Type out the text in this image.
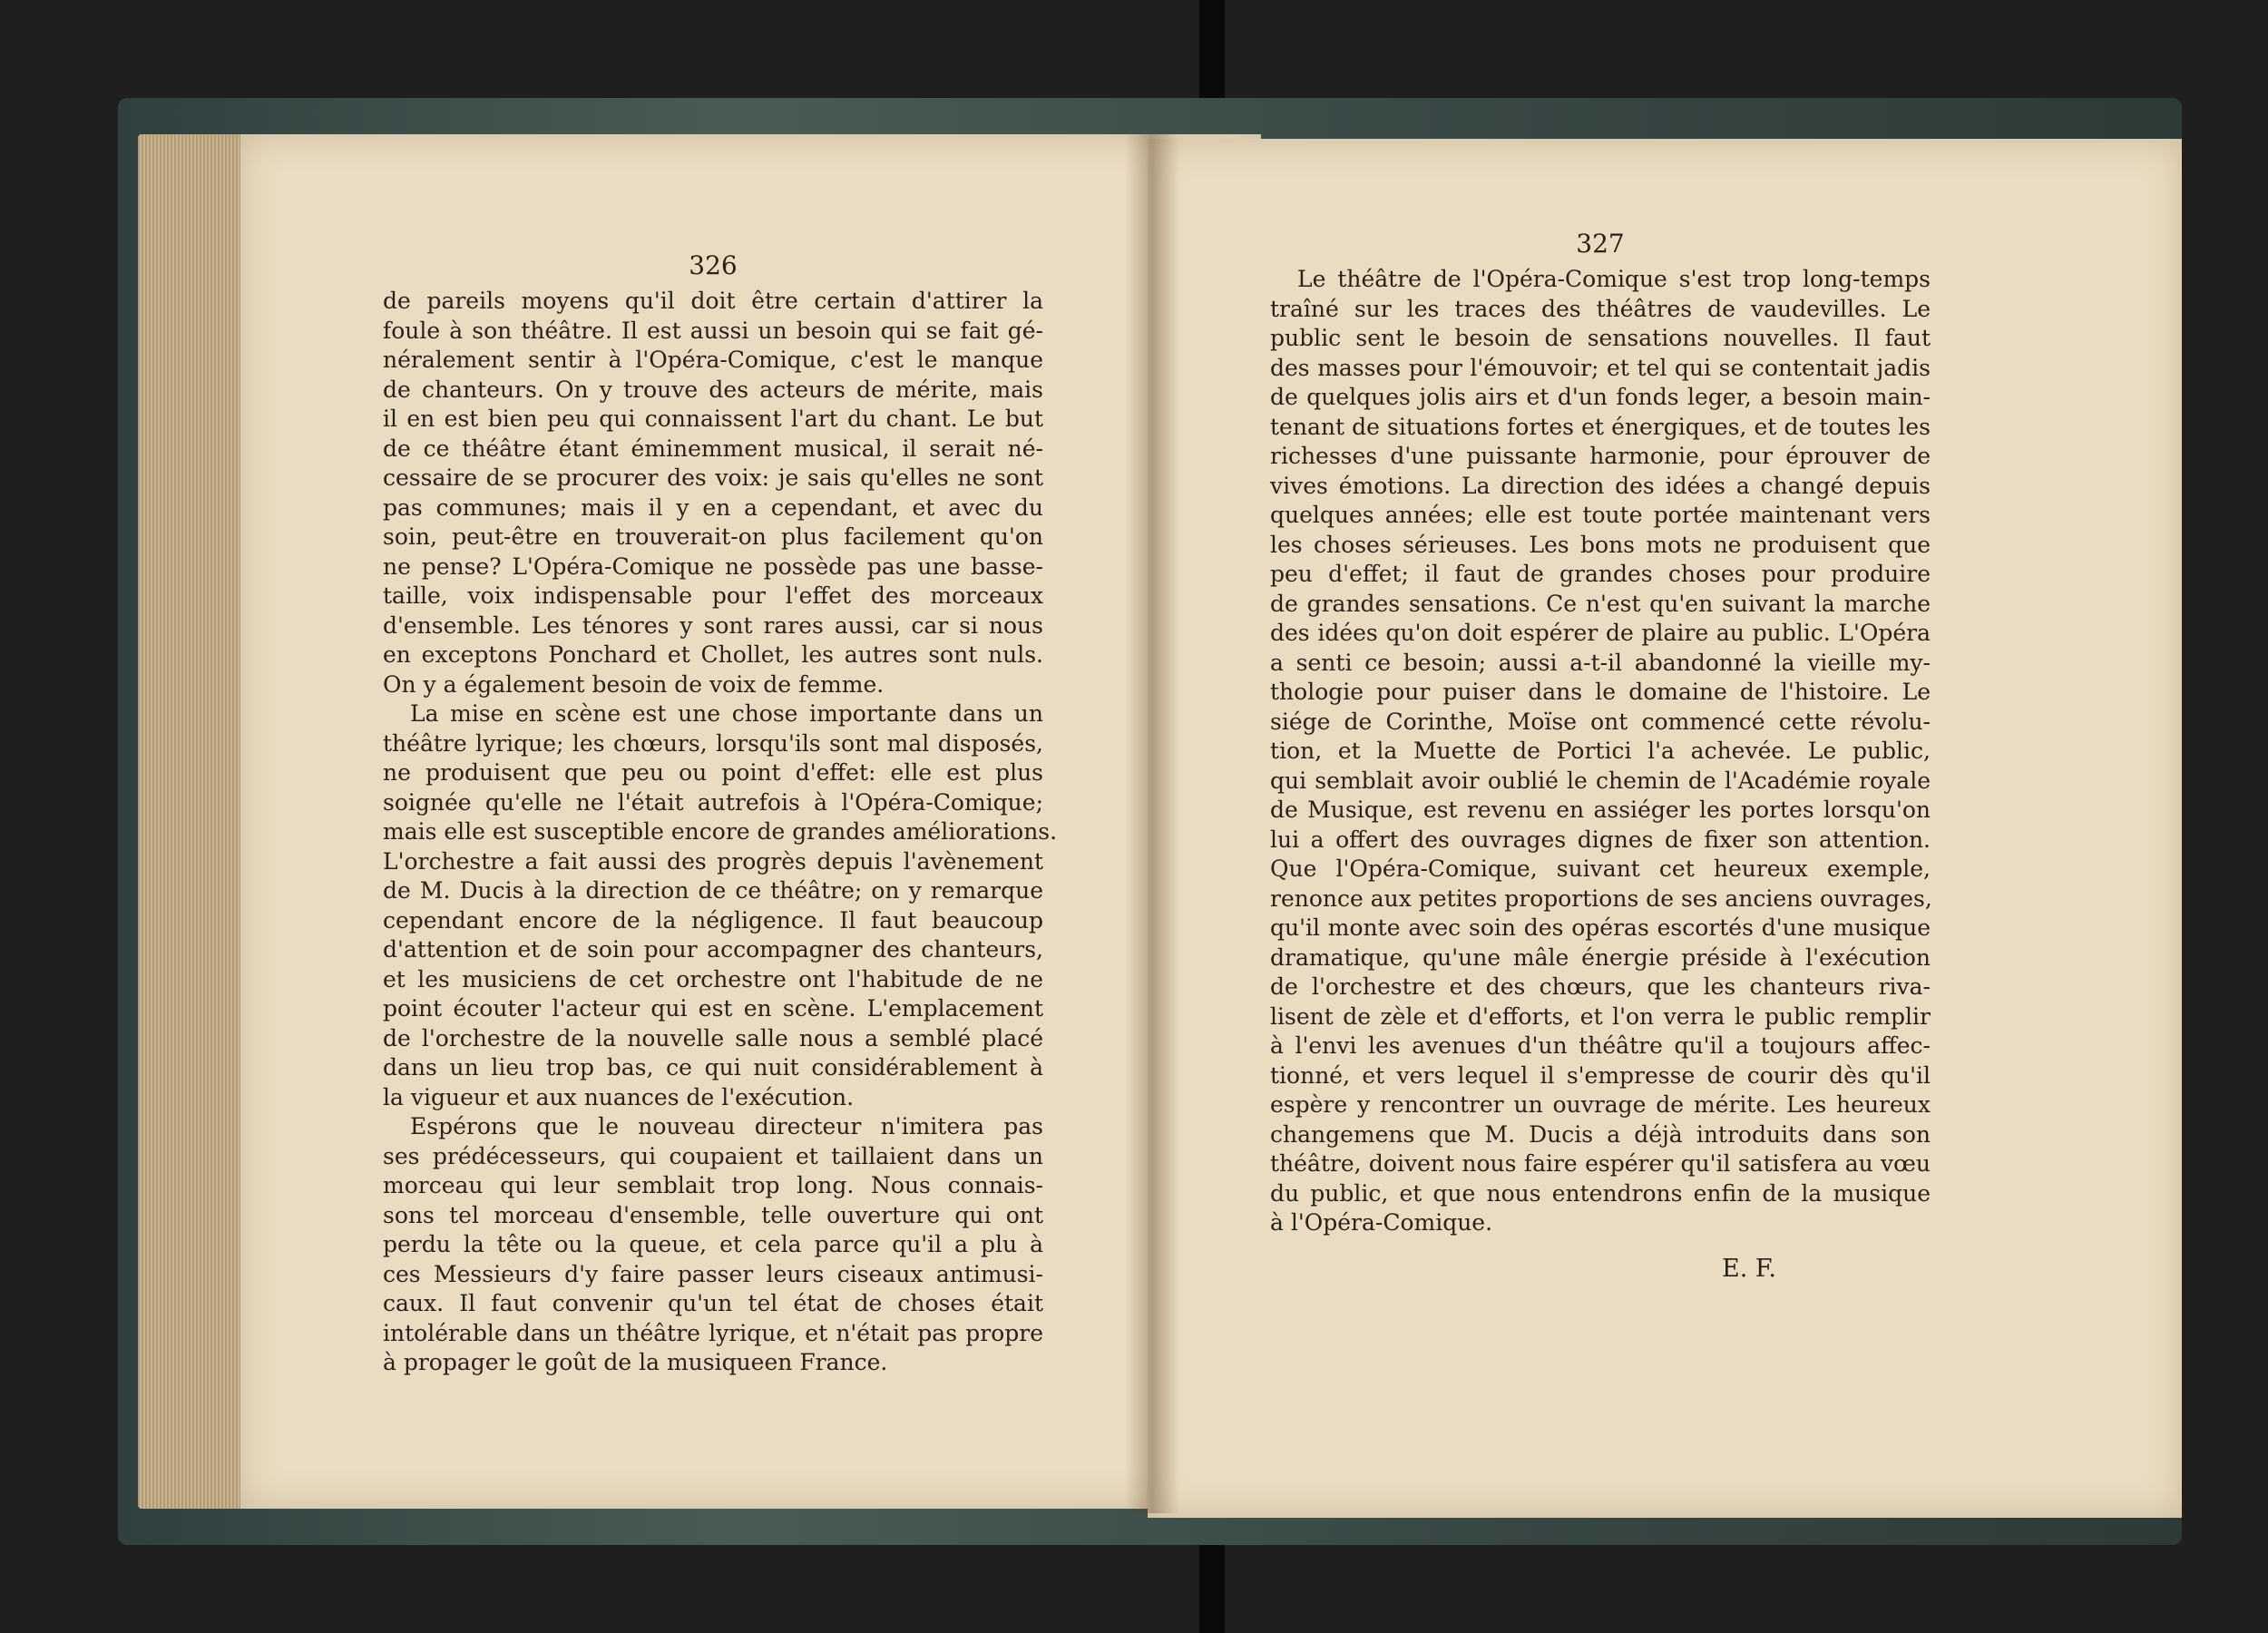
326
de pareils moyens qu'il doit être certain d'attirer la
foule à son théâtre. Il est aussi un besoin qui se fait gé-
néralement sentir à l'Opéra-Comique, c'est le manque
de chanteurs. On y trouve des acteurs de mérite, mais
il en est bien peu qui connaissent l'art du chant. Le but
de ce théâtre étant éminemment musical, il serait né-
cessaire de se procurer des voix: je sais qu'elles ne sont
pas communes; mais il y en a cependant, et avec du
soin, peut-être en trouverait-on plus facilement qu'on
ne pense? L'Opéra-Comique ne possède pas une basse-
taille, voix indispensable pour l'effet des morceaux
d'ensemble. Les ténores y sont rares aussi, car si nous
en exceptons Ponchard et Chollet, les autres sont nuls.
On y a également besoin de voix de femme.
La mise en scène est une chose importante dans un
théâtre lyrique; les chœurs, lorsqu'ils sont mal disposés,
ne produisent que peu ou point d'effet: elle est plus
soignée qu'elle ne l'était autrefois à l'Opéra-Comique;
mais elle est susceptible encore de grandes améliorations.
L'orchestre a fait aussi des progrès depuis l'avènement
de M. Ducis à la direction de ce théâtre; on y remarque
cependant encore de la négligence. Il faut beaucoup
d'attention et de soin pour accompagner des chanteurs,
et les musiciens de cet orchestre ont l'habitude de ne
point écouter l'acteur qui est en scène. L'emplacement
de l'orchestre de la nouvelle salle nous a semblé placé
dans un lieu trop bas, ce qui nuit considérablement à
la vigueur et aux nuances de l'exécution.
Espérons que le nouveau directeur n'imitera pas
ses prédécesseurs, qui coupaient et taillaient dans un
morceau qui leur semblait trop long. Nous connais-
sons tel morceau d'ensemble, telle ouverture qui ont
perdu la tête ou la queue, et cela parce qu'il a plu à
ces Messieurs d'y faire passer leurs ciseaux antimusi-
caux. Il faut convenir qu'un tel état de choses était
intolérable dans un théâtre lyrique, et n'était pas propre
à propager le goût de la musiqueen France.
327
Le théâtre de l'Opéra-Comique s'est trop long-temps
traîné sur les traces des théâtres de vaudevilles. Le
public sent le besoin de sensations nouvelles. Il faut
des masses pour l'émouvoir; et tel qui se contentait jadis
de quelques jolis airs et d'un fonds leger, a besoin main-
tenant de situations fortes et énergiques, et de toutes les
richesses d'une puissante harmonie, pour éprouver de
vives émotions. La direction des idées a changé depuis
quelques années; elle est toute portée maintenant vers
les choses sérieuses. Les bons mots ne produisent que
peu d'effet; il faut de grandes choses pour produire
de grandes sensations. Ce n'est qu'en suivant la marche
des idées qu'on doit espérer de plaire au public. L'Opéra
a senti ce besoin; aussi a-t-il abandonné la vieille my-
thologie pour puiser dans le domaine de l'histoire. Le
siége de Corinthe, Moïse ont commencé cette révolu-
tion, et la Muette de Portici l'a achevée. Le public,
qui semblait avoir oublié le chemin de l'Académie royale
de Musique, est revenu en assiéger les portes lorsqu'on
lui a offert des ouvrages dignes de fixer son attention.
Que l'Opéra-Comique, suivant cet heureux exemple,
renonce aux petites proportions de ses anciens ouvrages,
qu'il monte avec soin des opéras escortés d'une musique
dramatique, qu'une mâle énergie préside à l'exécution
de l'orchestre et des chœurs, que les chanteurs riva-
lisent de zèle et d'efforts, et l'on verra le public remplir
à l'envi les avenues d'un théâtre qu'il a toujours affec-
tionné, et vers lequel il s'empresse de courir dès qu'il
espère y rencontrer un ouvrage de mérite. Les heureux
changemens que M. Ducis a déjà introduits dans son
théâtre, doivent nous faire espérer qu'il satisfera au vœu
du public, et que nous entendrons enfin de la musique
à l'Opéra-Comique.
E. F.
